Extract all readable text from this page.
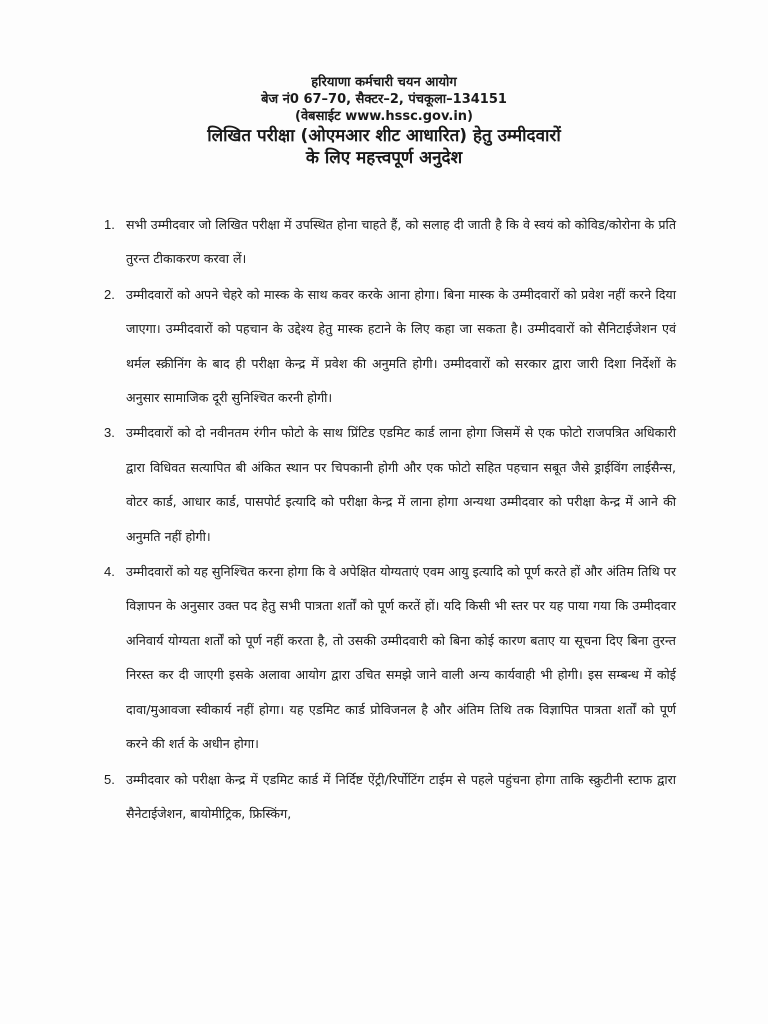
हरियाणा कर्मचारी चयन आयोग

बेज नं0 67–70, सैक्टर–2, पंचकूला–134151

(वेबसाईट www.hssc.gov.in)

लिखित परीक्षा (ओएमआर शीट आधारित) हेतु उम्मीदवारों

के लिए महत्त्वपूर्ण अनुदेश

1. सभी उम्मीदवार जो लिखित परीक्षा में उपस्थित होना चाहते हैं, को सलाह दी जाती है कि वे स्वयं को कोविड/कोरोना के प्रति तुरन्त टीकाकरण करवा लें।
2. उम्मीदवारों को अपने चेहरे को मास्क के साथ कवर करके आना होगा। बिना मास्क के उम्मीदवारों को प्रवेश नहीं करने दिया जाएगा। उम्मीदवारों को पहचान के उद्देश्य हेतु मास्क हटाने के लिए कहा जा सकता है। उम्मीदवारों को सैनिटाईजेशन एवं थर्मल स्क्रीनिंग के बाद ही परीक्षा केन्द्र में प्रवेश की अनुमति होगी। उम्मीदवारों को सरकार द्वारा जारी दिशा निर्देशों के अनुसार सामाजिक दूरी सुनिश्चित करनी होगी।
3. उम्मीदवारों को दो नवीनतम रंगीन फोटो के साथ प्रिंटिड एडमिट कार्ड लाना होगा जिसमें से एक फोटो राजपत्रित अधिकारी द्वारा विधिवत सत्यापित बी अंकित स्थान पर चिपकानी होगी और एक फोटो सहित पहचान सबूत जैसे ड्राईविंग लाईसैन्स, वोटर कार्ड, आधार कार्ड, पासपोर्ट इत्यादि को परीक्षा केन्द्र में लाना होगा अन्यथा उम्मीदवार को परीक्षा केन्द्र में आने की अनुमति नहीं होगी।
4. उम्मीदवारों को यह सुनिश्चित करना होगा कि वे अपेक्षित योग्यताएं एवम आयु इत्यादि को पूर्ण करते हों और अंतिम तिथि पर विज्ञापन के अनुसार उक्त पद हेतु सभी पात्रता शर्तों को पूर्ण करतें हों। यदि किसी भी स्तर पर यह पाया गया कि उम्मीदवार अनिवार्य योग्यता शर्तों को पूर्ण नहीं करता है, तो उसकी उम्मीदवारी को बिना कोई कारण बताए या सूचना दिए बिना तुरन्त निरस्त कर दी जाएगी इसके अलावा आयोग द्वारा उचित समझे जाने वाली अन्य कार्यवाही भी होगी। इस सम्बन्ध में कोई दावा/मुआवजा स्वीकार्य नहीं होगा। यह एडमिट कार्ड प्रोविजनल है और अंतिम तिथि तक विज्ञापित पात्रता शर्तों को पूर्ण करने की शर्त के अधीन होगा।
5. उम्मीदवार को परीक्षा केन्द्र में एडमिट कार्ड में निर्दिष्ट ऐंट्री/रिर्पोटिंग टाईम से पहले पहुंचना होगा ताकि स्क्रुटीनी स्टाफ द्वारा सैनेटाईजेशन, बायोमीट्रिक, फ्रिस्किंग,
